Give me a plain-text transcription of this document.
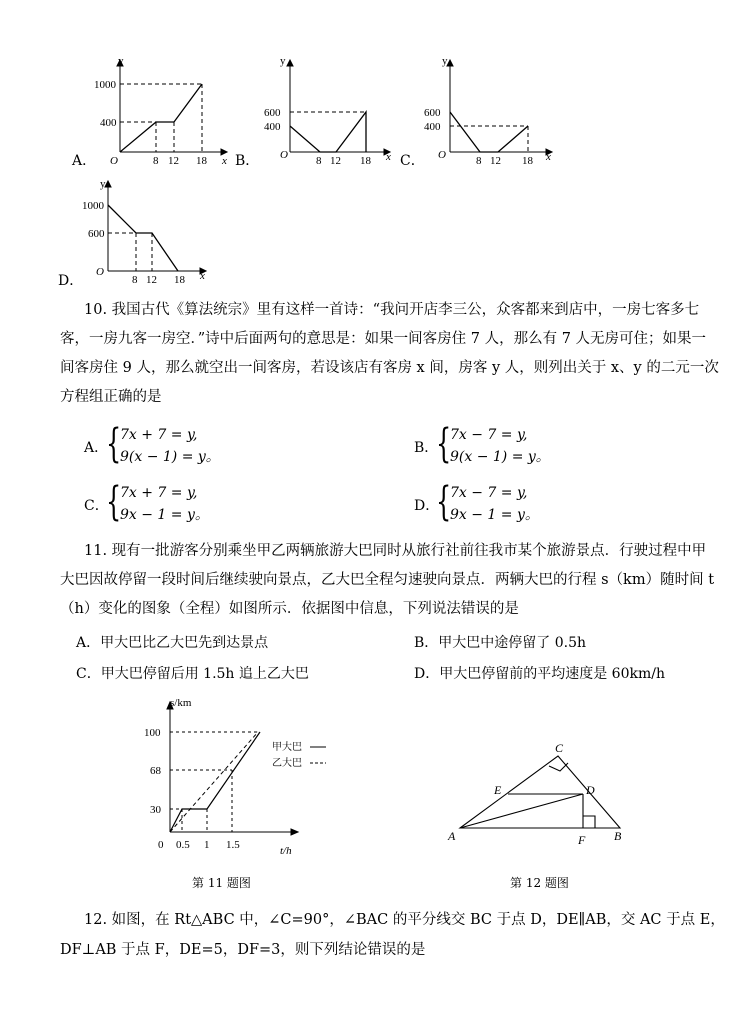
A．
y
1000
400
O	8 12 18 x B．
y
600
400
O	8 12 18 x C．
y
600
400
O	8 12 18 x
D．
y
1000
600
O
8 12 18 x
10. 我国古代《算法统宗》里有这样一首诗：“我问开店李三公，众客都来到店中，一房七客多七
客，一房九客一房空．”诗中后面两句的意思是：如果一间客房住 7 人，那么有 7 人无房可住；如果一
间客房住 9 人，那么就空出一间客房，若设该店有客房 x 间，房客 y 人，则列出关于 x、y 的二元一次
方程组正确的是
A．
{
7x + 7 = y,
9(x − 1) = y。
B．
{
7x − 7 = y,
9(x − 1) = y。
C．
{
7x + 7 = y,
9x − 1 = y。
D．
{
7x − 7 = y,
9x − 1 = y。
11. 现有一批游客分别乘坐甲乙两辆旅游大巴同时从旅行社前往我市某个旅游景点．行驶过程中甲
大巴因故停留一段时间后继续驶向景点，乙大巴全程匀速驶向景点．两辆大巴的行程 s（km）随时间 t
（h）变化的图象（全程）如图所示．依据图中信息，下列说法错误的是
A．甲大巴比乙大巴先到达景点	B．甲大巴中途停留了 0.5h
C．甲大巴停留后用 1.5h 追上乙大巴	D．甲大巴停留前的平均速度是 60km/h
s/km
100
68
30
0 0.5 1 1.5	t/h
甲大巴
乙大巴
第 11 题图
C
E	D
A	B
F
第 12 题图
12. 如图，在 Rt△ABC 中，∠C=90°，∠BAC 的平分线交 BC 于点 D，DE∥AB，交 AC 于点 E，
DF⊥AB 于点 F，DE=5，DF=3，则下列结论错误的是
